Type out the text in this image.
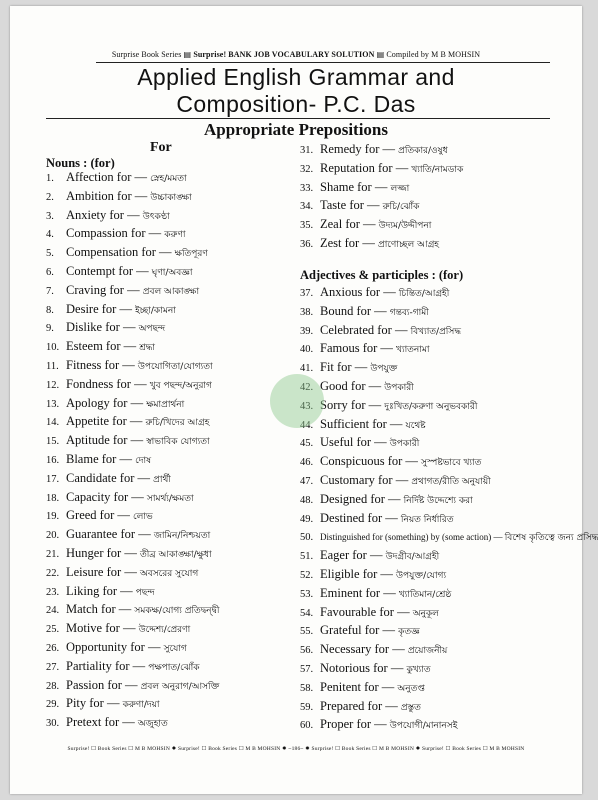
Surprise Book Series ▤ Surprise! BANK JOB VOCABULARY SOLUTION ▤ Compiled by M B MOHSIN
Applied English Grammar and
Composition- P.C. Das
Appropriate Prepositions
For
Nouns : (for)
Adjectives & participles : (for)
1. Affection for — স্নেহ/মমতা
2. Ambition for — উচ্চাকাঙ্ক্ষা
3. Anxiety for — উৎকণ্ঠা
4. Compassion for — করুণা
5. Compensation for — ক্ষতিপূরণ
6. Contempt for — ঘৃণা/অবজ্ঞা
7. Craving for — প্রবল আকাঙ্ক্ষা
8. Desire for — ইচ্ছা/কামনা
9. Dislike for — অপছন্দ
10. Esteem for — শ্রদ্ধা
11. Fitness for — উপযোগিতা/যোগ্যতা
12. Fondness for — খুব পছন্দ/অনুরাগ
13. Apology for — ক্ষমাপ্রার্থনা
14. Appetite for — রুচি/খিদের আগ্রহ
15. Aptitude for — স্বাভাবিক যোগ্যতা
16. Blame for — দোষ
17. Candidate for — প্রার্থী
18. Capacity for — সামর্থ্য/ক্ষমতা
19. Greed for — লোভ
20. Guarantee for — জামিন/নিশ্চয়তা
21. Hunger for — তীব্র আকাঙ্ক্ষা/ক্ষুধা
22. Leisure for — অবসরের সুযোগ
23. Liking for — পছন্দ
24. Match for — সমকক্ষ/যোগ্য প্রতিদ্বন্দ্বী
25. Motive for — উদ্দেশ্য/প্রেরণা
26. Opportunity for — সুযোগ
27. Partiality for — পক্ষপাত/ঝোঁক
28. Passion for — প্রবল অনুরাগ/আসক্তি
29. Pity for — করুণা/দয়া
30. Pretext for — অজুহাত
31. Remedy for — প্রতিকার/ওষুধ
32. Reputation for — খ্যাতি/নামডাক
33. Shame for — লজ্জা
34. Taste for — রুচি/ঝোঁক
35. Zeal for — উদ্যম/উদ্দীপনা
36. Zest for — প্রাণোচ্ছল আগ্রহ
37. Anxious for — চিন্তিত/আগ্রহী
38. Bound for — গন্তব্য-গামী
39. Celebrated for — বিখ্যাত/প্রসিদ্ধ
40. Famous for — খ্যাতনামা
41. Fit for — উপযুক্ত
42. Good for — উপকারী
43. Sorry for — দুঃখিত/করুণা অনুভবকারী
44. Sufficient for — যথেষ্ট
45. Useful for — উপকারী
46. Conspicuous for — সুস্পষ্টভাবে খ্যাত
47. Customary for — প্রথাগত/রীতি অনুযায়ী
48. Designed for — নির্দিষ্ট উদ্দেশ্যে করা
49. Destined for — নিয়ত নির্ধারিত
50. Distinguished for (something) by (some action) — বিশেষ কৃতিত্বে জন্য প্রসিদ্ধ
51. Eager for — উদগ্রীব/আগ্রহী
52. Eligible for — উপযুক্ত/যোগ্য
53. Eminent for — খ্যাতিমান/শ্রেষ্ঠ
54. Favourable for — অনুকূল
55. Grateful for — কৃতজ্ঞ
56. Necessary for — প্রয়োজনীয়
57. Notorious for — কুখ্যাত
58. Penitent for — অনুতপ্ত
59. Prepared for — প্রস্তুত
60. Proper for — উপযোগী/মানানসই
Surprise! ☐ Book Series ☐ M B MOHSIN ✹ Surprise! ☐ Book Series ☐ M B MOHSIN ✹ ~186~ ✹ Surprise! ☐ Book Series ☐ M B MOHSIN ✹ Surprise! ☐ Book Series ☐ M B MOHSIN
